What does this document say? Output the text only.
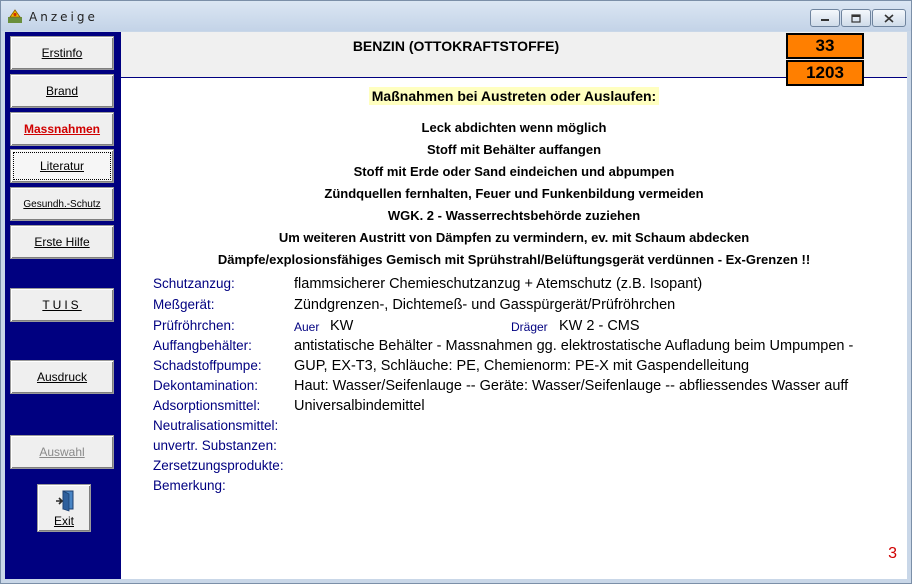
Anzeige
Erstinfo
Brand
Massnahmen
Literatur
Gesundh.-Schutz
Erste Hilfe
TUIS
Ausdruck
Auswahl
Exit
BENZIN (OTTOKRAFTSTOFFE)	33
1203
Maßnahmen bei Austreten oder Auslaufen:
Leck abdichten wenn möglich
Stoff mit Behälter auffangen
Stoff mit Erde oder Sand eindeichen und abpumpen
Zündquellen fernhalten, Feuer und Funkenbildung vermeiden
WGK. 2 - Wasserrechtsbehörde zuziehen
Um weiteren Austritt von Dämpfen zu vermindern, ev. mit Schaum abdecken
Dämpfe/explosionsfähiges Gemisch mit Sprühstrahl/Belüftungsgerät verdünnen - Ex-Grenzen !!
Schutzanzug:	flammsicherer Chemieschutzanzug + Atemschutz (z.B. Isopant)
Meßgerät:	Zündgrenzen-, Dichtemeß- und Gasspürgerät/Prüfröhrchen
Prüfröhrchen:	Auer KW	Dräger KW 2 - CMS
Auffangbehälter:	antistatische Behälter - Massnahmen gg. elektrostatische Aufladung beim Umpumpen -
Schadstoffpumpe: GUP, EX-T3, Schläuche: PE, Chemienorm: PE-X mit Gaspendelleitung
Dekontamination: Haut: Wasser/Seifenlauge -- Geräte: Wasser/Seifenlauge -- abfliessendes Wasser auff
Adsorptionsmittel: Universalbindemittel
Neutralisationsmittel:
unvertr. Substanzen:
Zersetzungsprodukte:
Bemerkung:
3
